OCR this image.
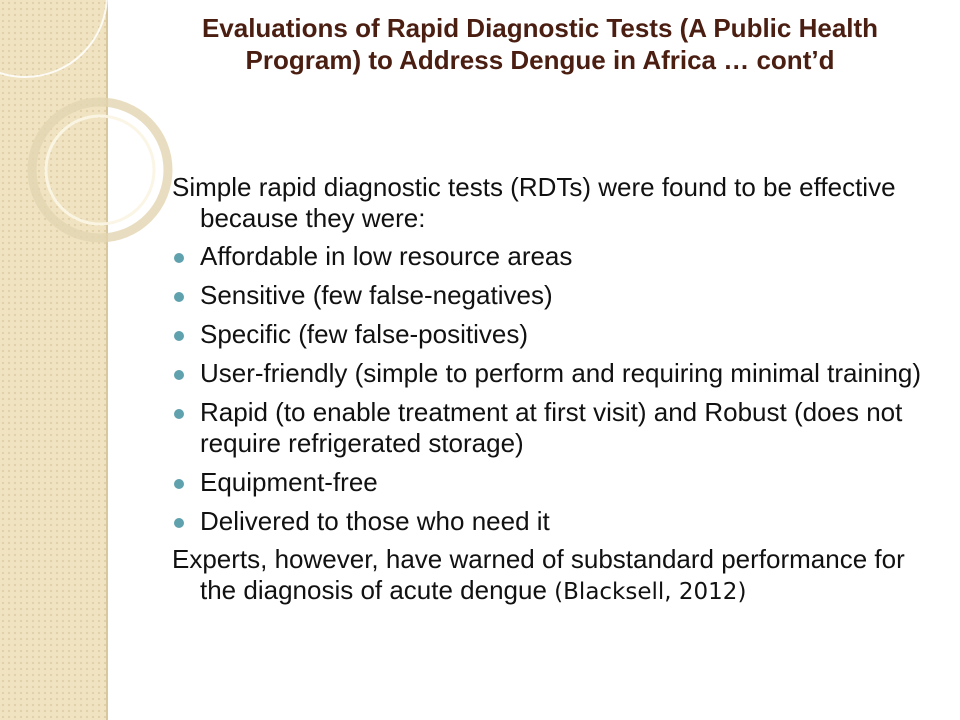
Evaluations of Rapid Diagnostic Tests (A Public Health Program) to Address Dengue in Africa … cont’d

Simple rapid diagnostic tests (RDTs) were found to be effective because they were:

Affordable in low resource areas
Sensitive (few false-negatives)
Specific (few false-positives)
User-friendly (simple to perform and requiring minimal training)
Rapid (to enable treatment at first visit) and Robust (does not require refrigerated storage)
Equipment-free
Delivered to those who need it

Experts, however, have warned of substandard performance for the diagnosis of acute dengue (Blacksell, 2012)
